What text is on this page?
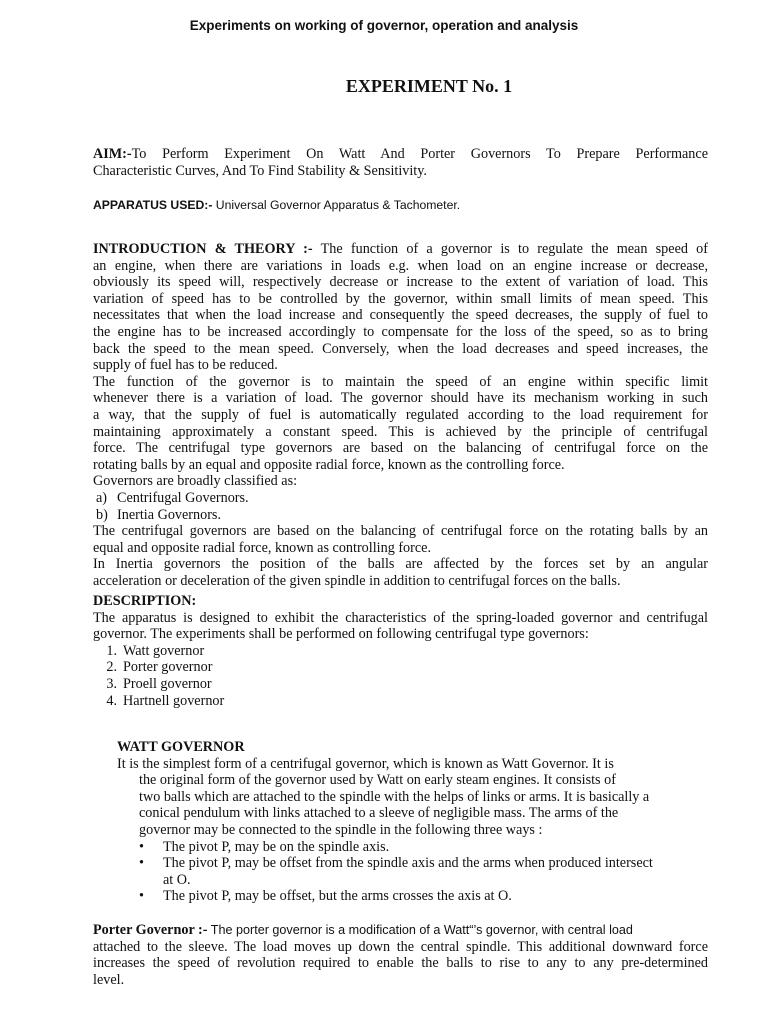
Experiments on working of governor, operation and analysis
EXPERIMENT No. 1
AIM:-To Perform Experiment On Watt And Porter Governors To Prepare Performance
Characteristic Curves, And To Find Stability & Sensitivity.
APPARATUS USED:- Universal Governor Apparatus & Tachometer.
INTRODUCTION & THEORY :- The function of a governor is to regulate the mean speed of
an engine, when there are variations in loads e.g. when load on an engine increase or decrease,
obviously its speed will, respectively decrease or increase to the extent of variation of load. This
variation of speed has to be controlled by the governor, within small limits of mean speed. This
necessitates that when the load increase and consequently the speed decreases, the supply of fuel to
the engine has to be increased accordingly to compensate for the loss of the speed, so as to bring
back the speed to the mean speed. Conversely, when the load decreases and speed increases, the
supply of fuel has to be reduced.
The function of the governor is to maintain the speed of an engine within specific limit
whenever there is a variation of load. The governor should have its mechanism working in such
a way, that the supply of fuel is automatically regulated according to the load requirement for
maintaining approximately a constant speed. This is achieved by the principle of centrifugal
force. The centrifugal type governors are based on the balancing of centrifugal force on the
rotating balls by an equal and opposite radial force, known as the controlling force.
Governors are broadly classified as:
a) Centrifugal Governors.
b) Inertia Governors.
The centrifugal governors are based on the balancing of centrifugal force on the rotating balls by an
equal and opposite radial force, known as controlling force.
In Inertia governors the position of the balls are affected by the forces set by an angular
acceleration or deceleration of the given spindle in addition to centrifugal forces on the balls.
DESCRIPTION:
The apparatus is designed to exhibit the characteristics of the spring-loaded governor and centrifugal
governor. The experiments shall be performed on following centrifugal type governors:
1. Watt governor
2. Porter governor
3. Proell governor
4. Hartnell governor
WATT GOVERNOR
It is the simplest form of a centrifugal governor, which is known as Watt Governor. It is
the original form of the governor used by Watt on early steam engines. It consists of
two balls which are attached to the spindle with the helps of links or arms. It is basically a
conical pendulum with links attached to a sleeve of negligible mass. The arms of the
governor may be connected to the spindle in the following three ways :
• The pivot P, may be on the spindle axis.
• The pivot P, may be offset from the spindle axis and the arms when produced intersect
at O.
• The pivot P, may be offset, but the arms crosses the axis at O.
Porter Governor :- The porter governor is a modification of a Watt“’s governor, with central load
attached to the sleeve. The load moves up down the central spindle. This additional downward force
increases the speed of revolution required to enable the balls to rise to any to any pre-determined
level.
